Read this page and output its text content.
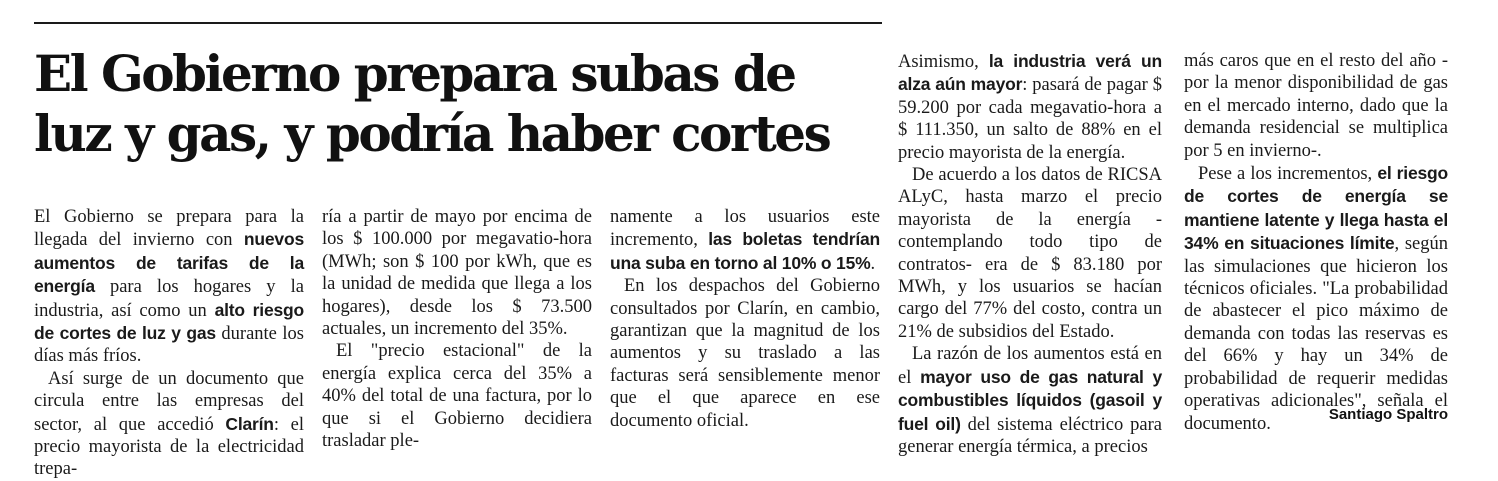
El Gobierno prepara subas de luz y gas, y podría haber cortes

El Gobierno se prepara para la llegada del invierno con nuevos aumentos de tarifas de la energía para los hogares y la industria, así como un alto riesgo de cortes de luz y gas durante los días más fríos.

Así surge de un documento que circula entre las empresas del sector, al que accedió Clarín: el precio mayorista de la electricidad trepa-

ría a partir de mayo por encima de los $ 100.000 por megavatio-hora (MWh; son $ 100 por kWh, que es la unidad de medida que llega a los hogares), desde los $ 73.500 actuales, un incremento del 35%.

El "precio estacional" de la energía explica cerca del 35% a 40% del total de una factura, por lo que si el Gobierno decidiera trasladar ple-

namente a los usuarios este incremento, las boletas tendrían una suba en torno al 10% o 15%.

En los despachos del Gobierno consultados por Clarín, en cambio, garantizan que la magnitud de los aumentos y su traslado a las facturas será sensiblemente menor que el que aparece en ese documento oficial.

Asimismo, la industria verá un alza aún mayor: pasará de pagar $ 59.200 por cada megavatio-hora a $ 111.350, un salto de 88% en el precio mayorista de la energía.

De acuerdo a los datos de RICSA ALyC, hasta marzo el precio mayorista de la energía -contemplando todo tipo de contratos- era de $ 83.180 por MWh, y los usuarios se hacían cargo del 77% del costo, contra un 21% de subsidios del Estado.

La razón de los aumentos está en el mayor uso de gas natural y combustibles líquidos (gasoil y fuel oil) del sistema eléctrico para generar energía térmica, a precios

más caros que en el resto del año -por la menor disponibilidad de gas en el mercado interno, dado que la demanda residencial se multiplica por 5 en invierno-.

Pese a los incrementos, el riesgo de cortes de energía se mantiene latente y llega hasta el 34% en situaciones límite, según las simulaciones que hicieron los técnicos oficiales. "La probabilidad de abastecer el pico máximo de demanda con todas las reservas es del 66% y hay un 34% de probabilidad de requerir medidas operativas adicionales", señala el documento.	Santiago Spaltro
